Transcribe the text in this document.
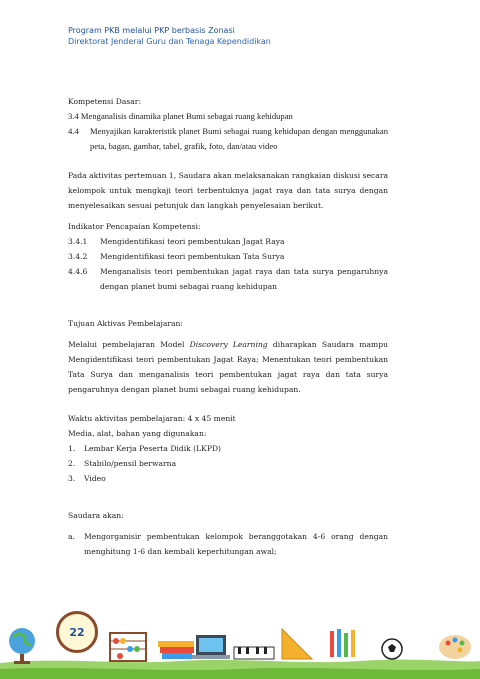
Program PKB melalui PKP berbasis Zonasi
Direktorat Jenderal Guru dan Tenaga Kependidikan

Kompetensi Dasar:

3.4 Menganalisis dinamika planet Bumi sebagai ruang kehidupan

4.4	Menyajikan karakteristik planet Bumi sebagai ruang kehidupan dengan menggunakan peta, bagan, gambar, tabel, grafik, foto, dan/atau video

Pada aktivitas pertemuan 1, Saudara akan melaksanakan rangkaian diskusi secara kelompok untuk mengkaji teori terbentuknya jagat raya dan tata surya dengan menyelesaikan sesuai petunjuk dan langkah penyelesaian berikut.

Indikator Pencapaian Kompetensi:

3.4.1	Mengidentifikasi teori pembentukan Jagat Raya
3.4.2	Mengidentifikasi teori pembentukan Tata Surya
4.4.6	Menganalisis teori pembentukan jagat raya dan tata surya pengaruhnya dengan planet bumi sebagai ruang kehidupan

Tujuan Aktivas Pembelajaran:

Melalui pembelajaran Model Discovery Learning diharapkan Saudara mampu Mengidentifikasi teori pembentukan Jagat Raya; Menentukan teori pembentukan Tata Surya dan menganalisis teori pembentukan jagat raya dan tata surya pengaruhnya dengan planet bumi sebagai ruang kehidupan.

Waktu aktivitas pembelajaran: 4 x 45 menit

Media, alat, bahan yang digunakan:

1.	Lembar Kerja Peserta Didik (LKPD)
2.	Stabilo/pensil berwarna
3.	Video

Saudara akan:

a.	Mengorganisir pembentukan kelompok beranggotakan 4-6 orang dengan menghitung 1-6 dan kembali keperhitungan awal;
22
